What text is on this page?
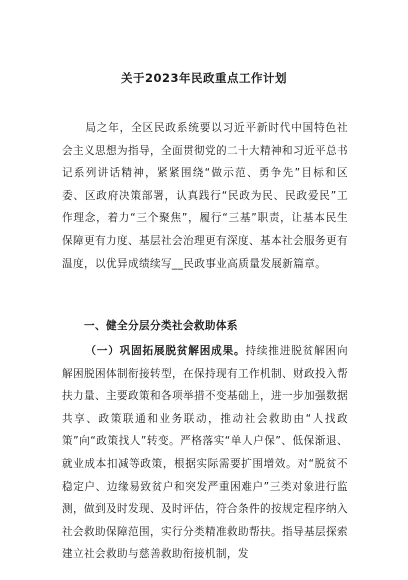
关于2023年民政重点工作计划
局之年，全区民政系统要以习近平新时代中国特色社会主义思想为指导，全面贯彻党的二十大精神和习近平总书记系列讲话精神，紧紧围绕“做示范、勇争先”目标和区委、区政府决策部署，认真践行“民政为民、民政爱民”工作理念，着力“三个聚焦”，履行“三基”职责，让基本民生保障更有力度、基层社会治理更有深度、基本社会服务更有温度，以优异成绩续写__民政事业高质量发展新篇章。
一、健全分层分类社会救助体系
（一）巩固拓展脱贫解困成果。持续推进脱贫解困向解困脱困体制衔接转型，在保持现有工作机制、财政投入帮扶力量、主要政策和各项举措不变基础上，进一步加强数据共享、政策联通和业务联动，推动社会救助由“人找政策”向“政策找人”转变。严格落实“单人户保”、低保渐退、就业成本扣减等政策，根据实际需要扩围增效。对“脱贫不稳定户、边缘易致贫户和突发严重困难户”三类对象进行监测，做到及时发现、及时评估，符合条件的按规定程序纳入社会救助保障范围，实行分类精准救助帮扶。指导基层探索建立社会救助与慈善救助衔接机制，发
